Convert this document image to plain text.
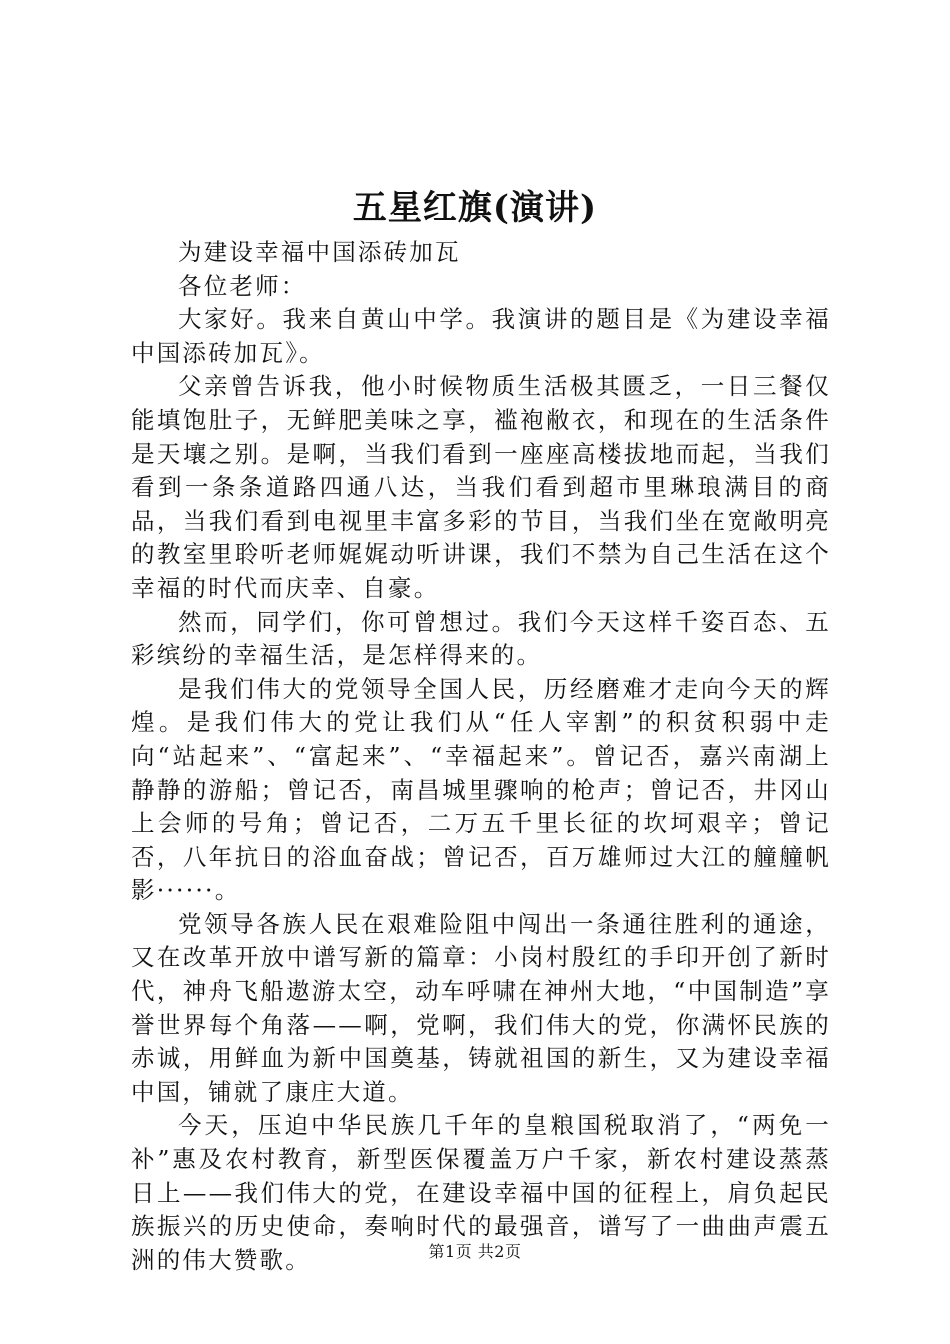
五星红旗(演讲)

为建设幸福中国添砖加瓦

各位老师：

大家好。我来自黄山中学。我演讲的题目是《为建设幸福中国添砖加瓦》。

父亲曾告诉我，他小时候物质生活极其匮乏，一日三餐仅能填饱肚子，无鲜肥美味之享，褴袍敝衣，和现在的生活条件是天壤之别。是啊，当我们看到一座座高楼拔地而起，当我们看到一条条道路四通八达，当我们看到超市里琳琅满目的商品，当我们看到电视里丰富多彩的节目，当我们坐在宽敞明亮的教室里聆听老师娓娓动听讲课，我们不禁为自己生活在这个幸福的时代而庆幸、自豪。

然而，同学们，你可曾想过。我们今天这样千姿百态、五彩缤纷的幸福生活，是怎样得来的。

是我们伟大的党领导全国人民，历经磨难才走向今天的辉煌。是我们伟大的党让我们从“任人宰割”的积贫积弱中走向“站起来”、“富起来”、“幸福起来”。曾记否，嘉兴南湖上静静的游船；曾记否，南昌城里骤响的枪声；曾记否，井冈山上会师的号角；曾记否，二万五千里长征的坎坷艰辛；曾记否，八年抗日的浴血奋战；曾记否，百万雄师过大江的艟艟帆影······。

党领导各族人民在艰难险阻中闯出一条通往胜利的通途，又在改革开放中谱写新的篇章：小岗村殷红的手印开创了新时代，神舟飞船遨游太空，动车呼啸在神州大地，“中国制造”享誉世界每个角落——啊，党啊，我们伟大的党，你满怀民族的赤诚，用鲜血为新中国奠基，铸就祖国的新生，又为建设幸福中国，铺就了康庄大道。

今天，压迫中华民族几千年的皇粮国税取消了，“两免一补”惠及农村教育，新型医保覆盖万户千家，新农村建设蒸蒸日上——我们伟大的党，在建设幸福中国的征程上，肩负起民族振兴的历史使命，奏响时代的最强音，谱写了一曲曲声震五洲的伟大赞歌。	第1页 共2页
